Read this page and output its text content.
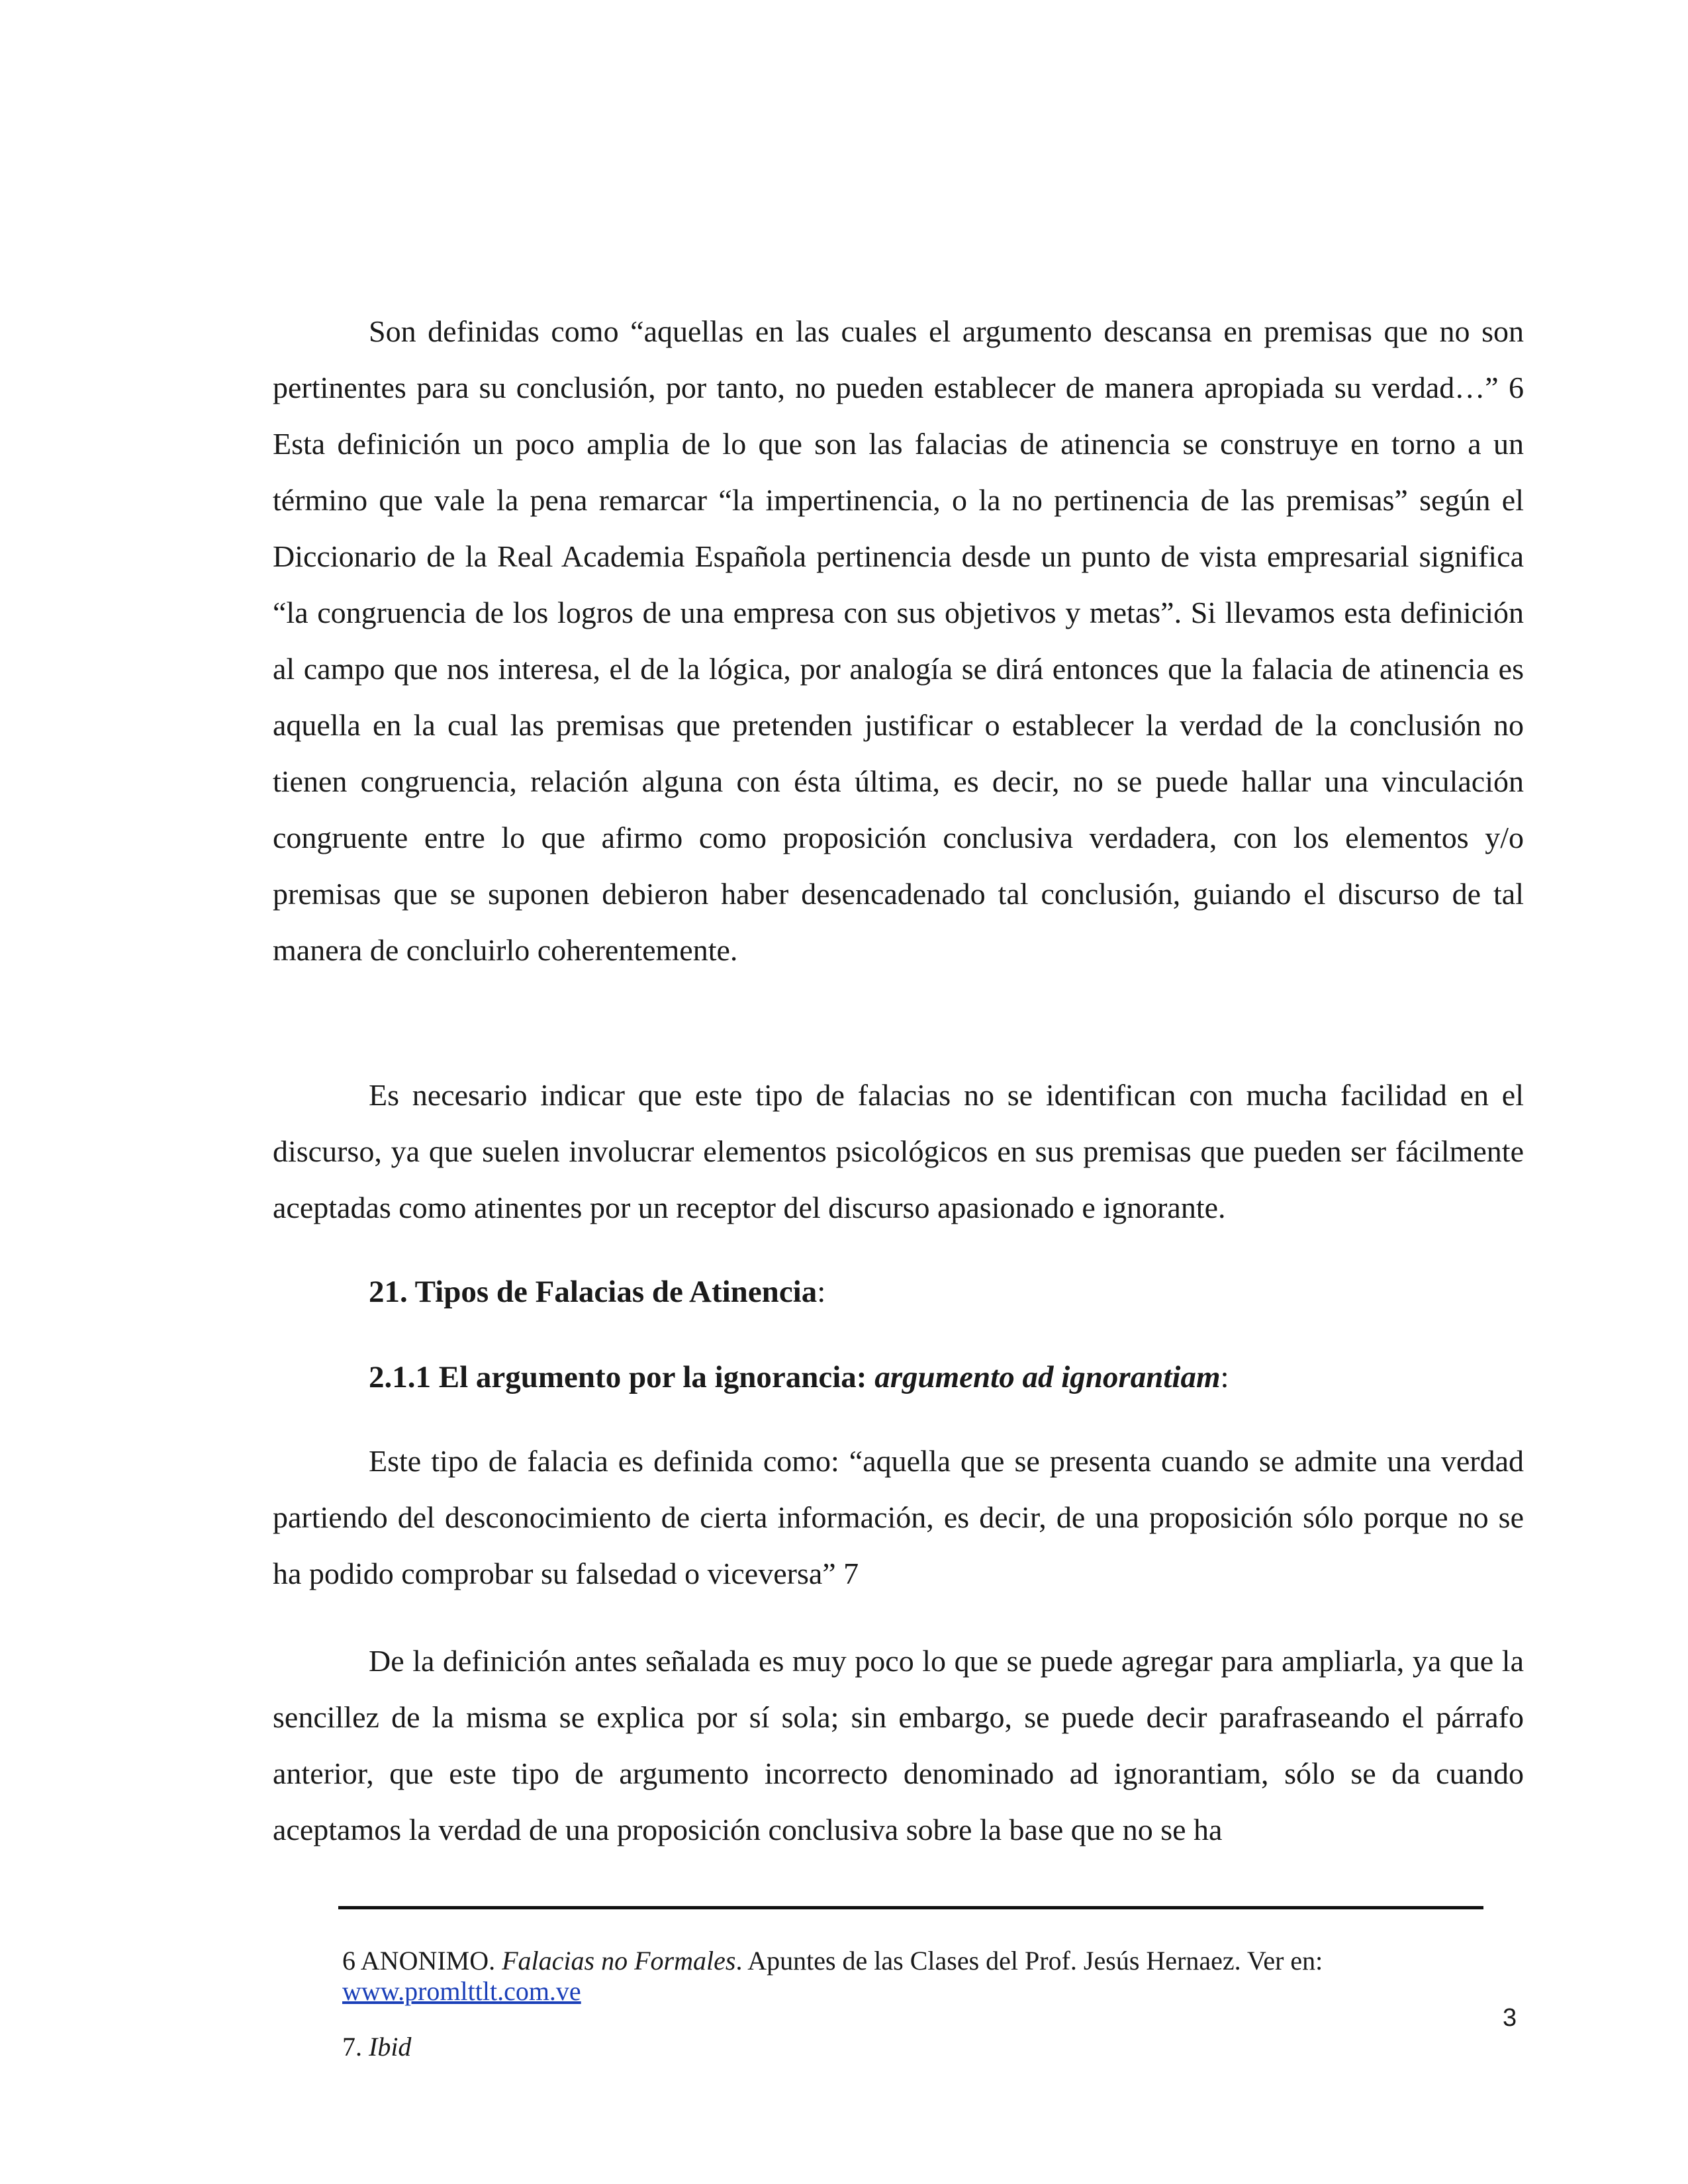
Son definidas como “aquellas en las cuales el argumento descansa en premisas que no son pertinentes para su conclusión, por tanto, no pueden establecer de manera apropiada su verdad…” 6 Esta definición un poco amplia de lo que son las falacias de atinencia se construye en torno a un término que vale la pena remarcar “la impertinencia, o la no pertinencia de las premisas” según el Diccionario de la Real Academia Española pertinencia desde un punto de vista empresarial significa “la congruencia de los logros de una empresa con sus objetivos y metas”. Si llevamos esta definición al campo que nos interesa, el de la lógica, por analogía se dirá entonces que la falacia de atinencia es aquella en la cual las premisas que pretenden justificar o establecer la verdad de la conclusión no tienen congruencia, relación alguna con ésta última, es decir, no se puede hallar una vinculación congruente entre lo que afirmo como proposición conclusiva verdadera, con los elementos y/o premisas que se suponen debieron haber desencadenado tal conclusión, guiando el discurso de tal manera de concluirlo coherentemente.

Es necesario indicar que este tipo de falacias no se identifican con mucha facilidad en el discurso, ya que suelen involucrar elementos psicológicos en sus premisas que pueden ser fácilmente aceptadas como atinentes por un receptor del discurso apasionado e ignorante.

21. Tipos de Falacias de Atinencia:
2.1.1 El argumento por la ignorancia: argumento ad ignorantiam:

Este tipo de falacia es definida como: “aquella que se presenta cuando se admite una verdad partiendo del desconocimiento de cierta información, es decir, de una proposición sólo porque no se ha podido comprobar su falsedad o viceversa” 7

De la definición antes señalada es muy poco lo que se puede agregar para ampliarla, ya que la sencillez de la misma se explica por sí sola; sin embargo, se puede decir parafraseando el párrafo anterior, que este tipo de argumento incorrecto denominado ad ignorantiam, sólo se da cuando aceptamos la verdad de una proposición conclusiva sobre la base que no se ha

6 ANONIMO. Falacias no Formales. Apuntes de las Clases del Prof. Jesús Hernaez. Ver en:
www.promlttlt.com.ve
7. Ibid
3
